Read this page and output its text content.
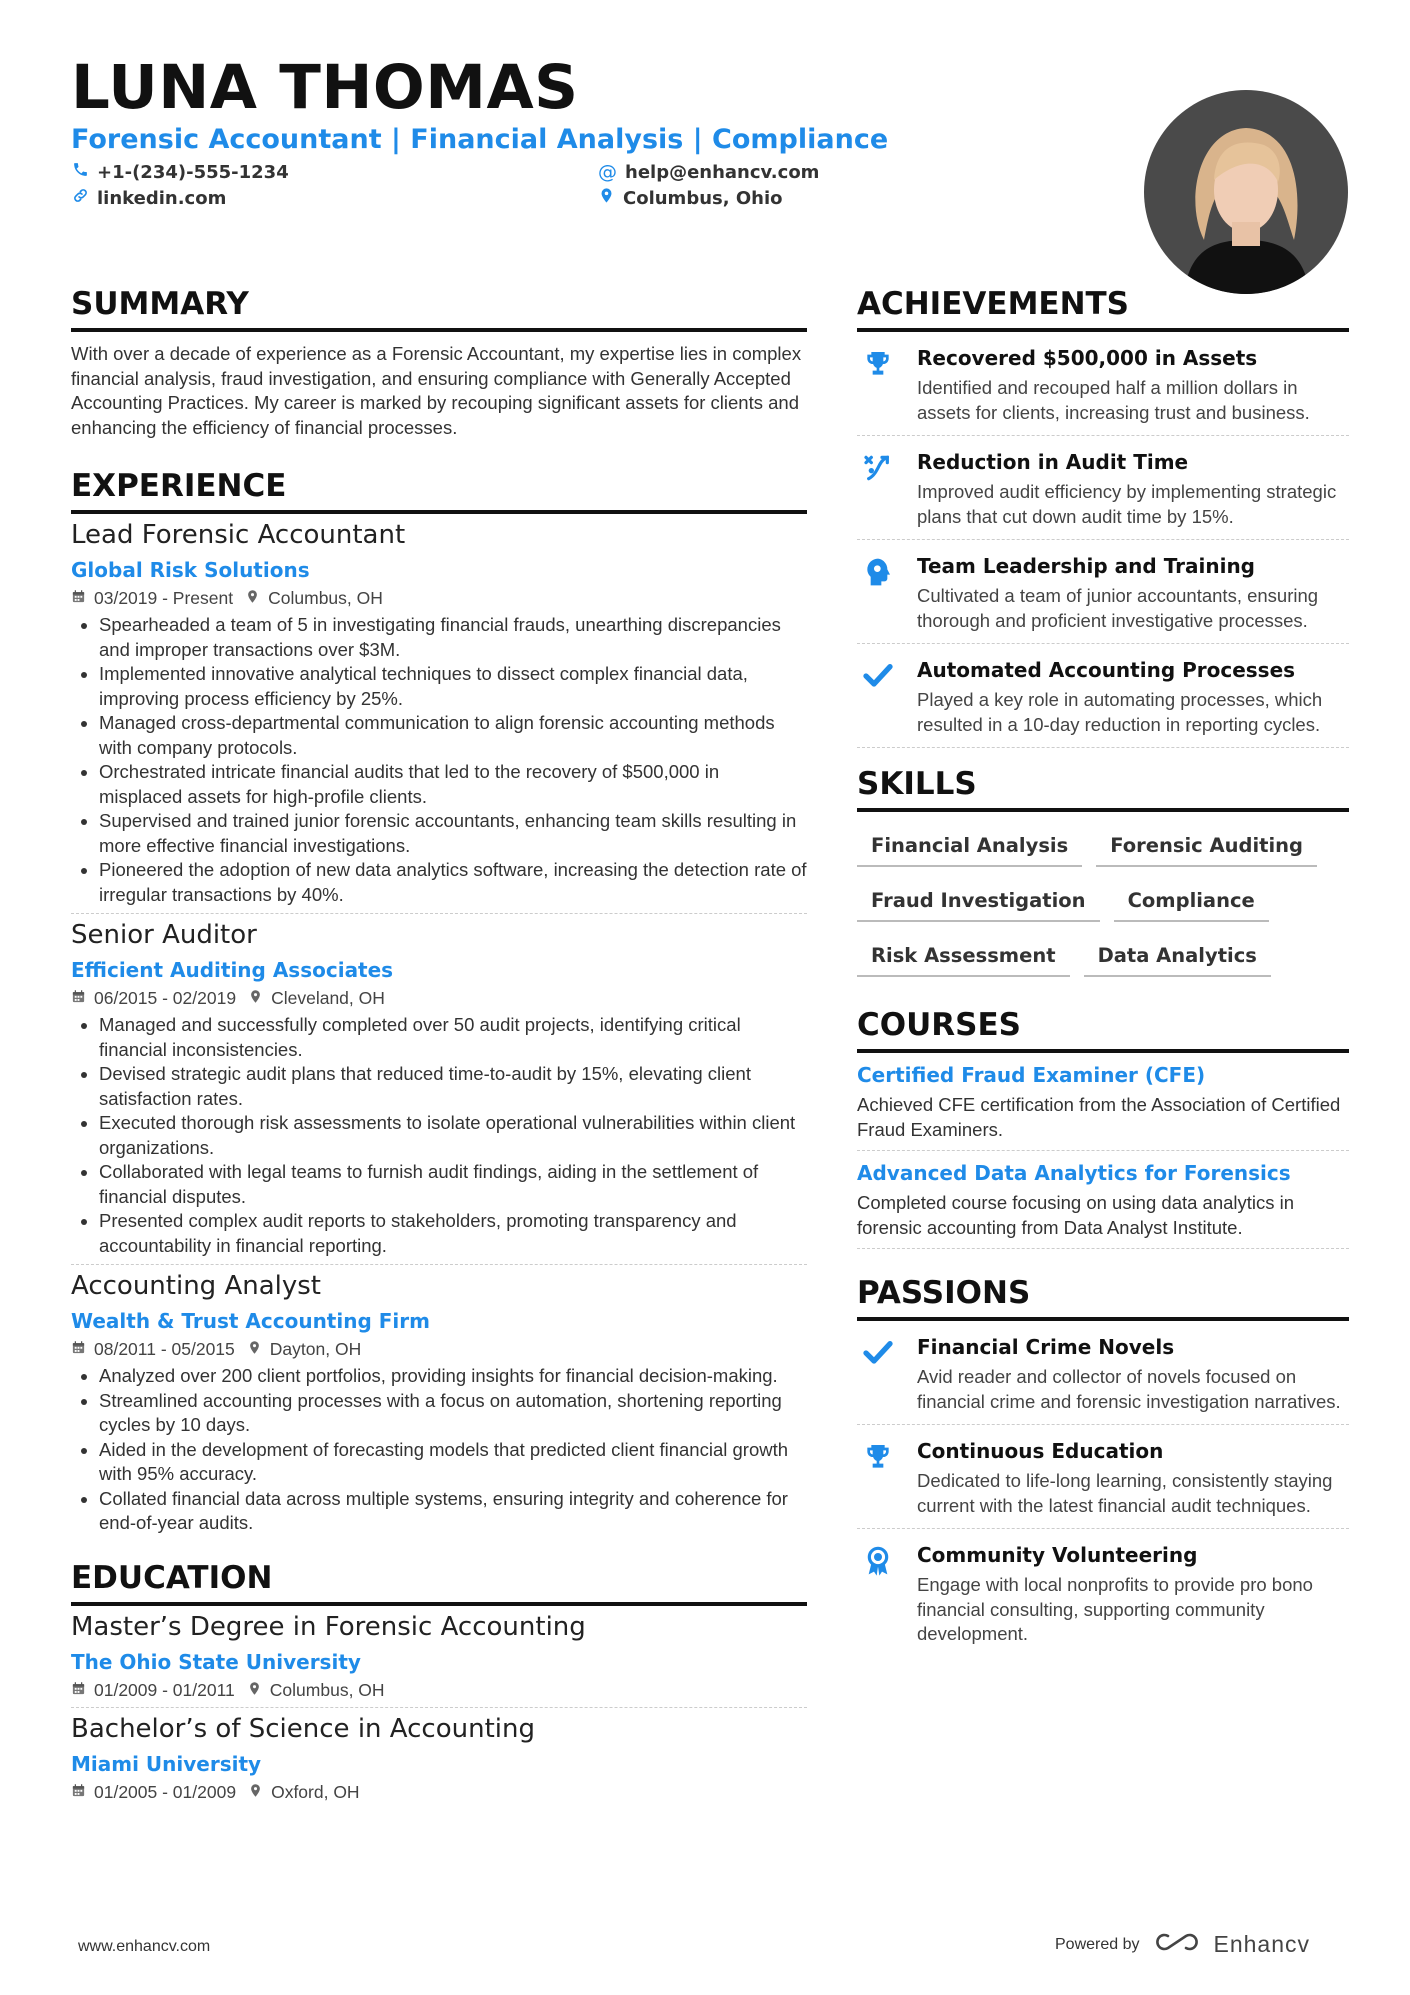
LUNA THOMAS
Forensic Accountant | Financial Analysis | Compliance
+1-(234)-555-1234
linkedin.com
@ help@enhancv.com
Columbus, Ohio
SUMMARY
With over a decade of experience as a Forensic Accountant, my expertise lies in complex financial analysis, fraud investigation, and ensuring compliance with Generally Accepted Accounting Practices. My career is marked by recouping significant assets for clients and enhancing the efficiency of financial processes.
EXPERIENCE
Lead Forensic Accountant
Global Risk Solutions
03/2019 - Present Columbus, OH
• Spearheaded a team of 5 in investigating financial frauds, unearthing discrepancies and improper transactions over $3M.
• Implemented innovative analytical techniques to dissect complex financial data, improving process efficiency by 25%.
• Managed cross-departmental communication to align forensic accounting methods with company protocols.
• Orchestrated intricate financial audits that led to the recovery of $500,000 in misplaced assets for high-profile clients.
• Supervised and trained junior forensic accountants, enhancing team skills resulting in more effective financial investigations.
• Pioneered the adoption of new data analytics software, increasing the detection rate of irregular transactions by 40%.
Senior Auditor
Efficient Auditing Associates
06/2015 - 02/2019 Cleveland, OH
• Managed and successfully completed over 50 audit projects, identifying critical financial inconsistencies.
• Devised strategic audit plans that reduced time-to-audit by 15%, elevating client satisfaction rates.
• Executed thorough risk assessments to isolate operational vulnerabilities within client organizations.
• Collaborated with legal teams to furnish audit findings, aiding in the settlement of financial disputes.
• Presented complex audit reports to stakeholders, promoting transparency and accountability in financial reporting.
Accounting Analyst
Wealth & Trust Accounting Firm
08/2011 - 05/2015 Dayton, OH
• Analyzed over 200 client portfolios, providing insights for financial decision-making.
• Streamlined accounting processes with a focus on automation, shortening reporting cycles by 10 days.
• Aided in the development of forecasting models that predicted client financial growth with 95% accuracy.
• Collated financial data across multiple systems, ensuring integrity and coherence for end-of-year audits.
EDUCATION
Master’s Degree in Forensic Accounting
The Ohio State University
01/2009 - 01/2011 Columbus, OH
Bachelor’s of Science in Accounting
Miami University
01/2005 - 01/2009 Oxford, OH
ACHIEVEMENTS
Recovered $500,000 in Assets
Identified and recouped half a million dollars in assets for clients, increasing trust and business.
Reduction in Audit Time
Improved audit efficiency by implementing strategic plans that cut down audit time by 15%.
Team Leadership and Training
Cultivated a team of junior accountants, ensuring thorough and proficient investigative processes.
Automated Accounting Processes
Played a key role in automating processes, which resulted in a 10-day reduction in reporting cycles.
SKILLS
Financial Analysis	Forensic Auditing
Fraud Investigation	Compliance
Risk Assessment	Data Analytics
COURSES
Certified Fraud Examiner (CFE)
Achieved CFE certification from the Association of Certified Fraud Examiners.
Advanced Data Analytics for Forensics
Completed course focusing on using data analytics in forensic accounting from Data Analyst Institute.
PASSIONS
Financial Crime Novels
Avid reader and collector of novels focused on financial crime and forensic investigation narratives.
Continuous Education
Dedicated to life-long learning, consistently staying current with the latest financial audit techniques.
Community Volunteering
Engage with local nonprofits to provide pro bono financial consulting, supporting community development.
www.enhancv.com	Powered by	Enhancv
